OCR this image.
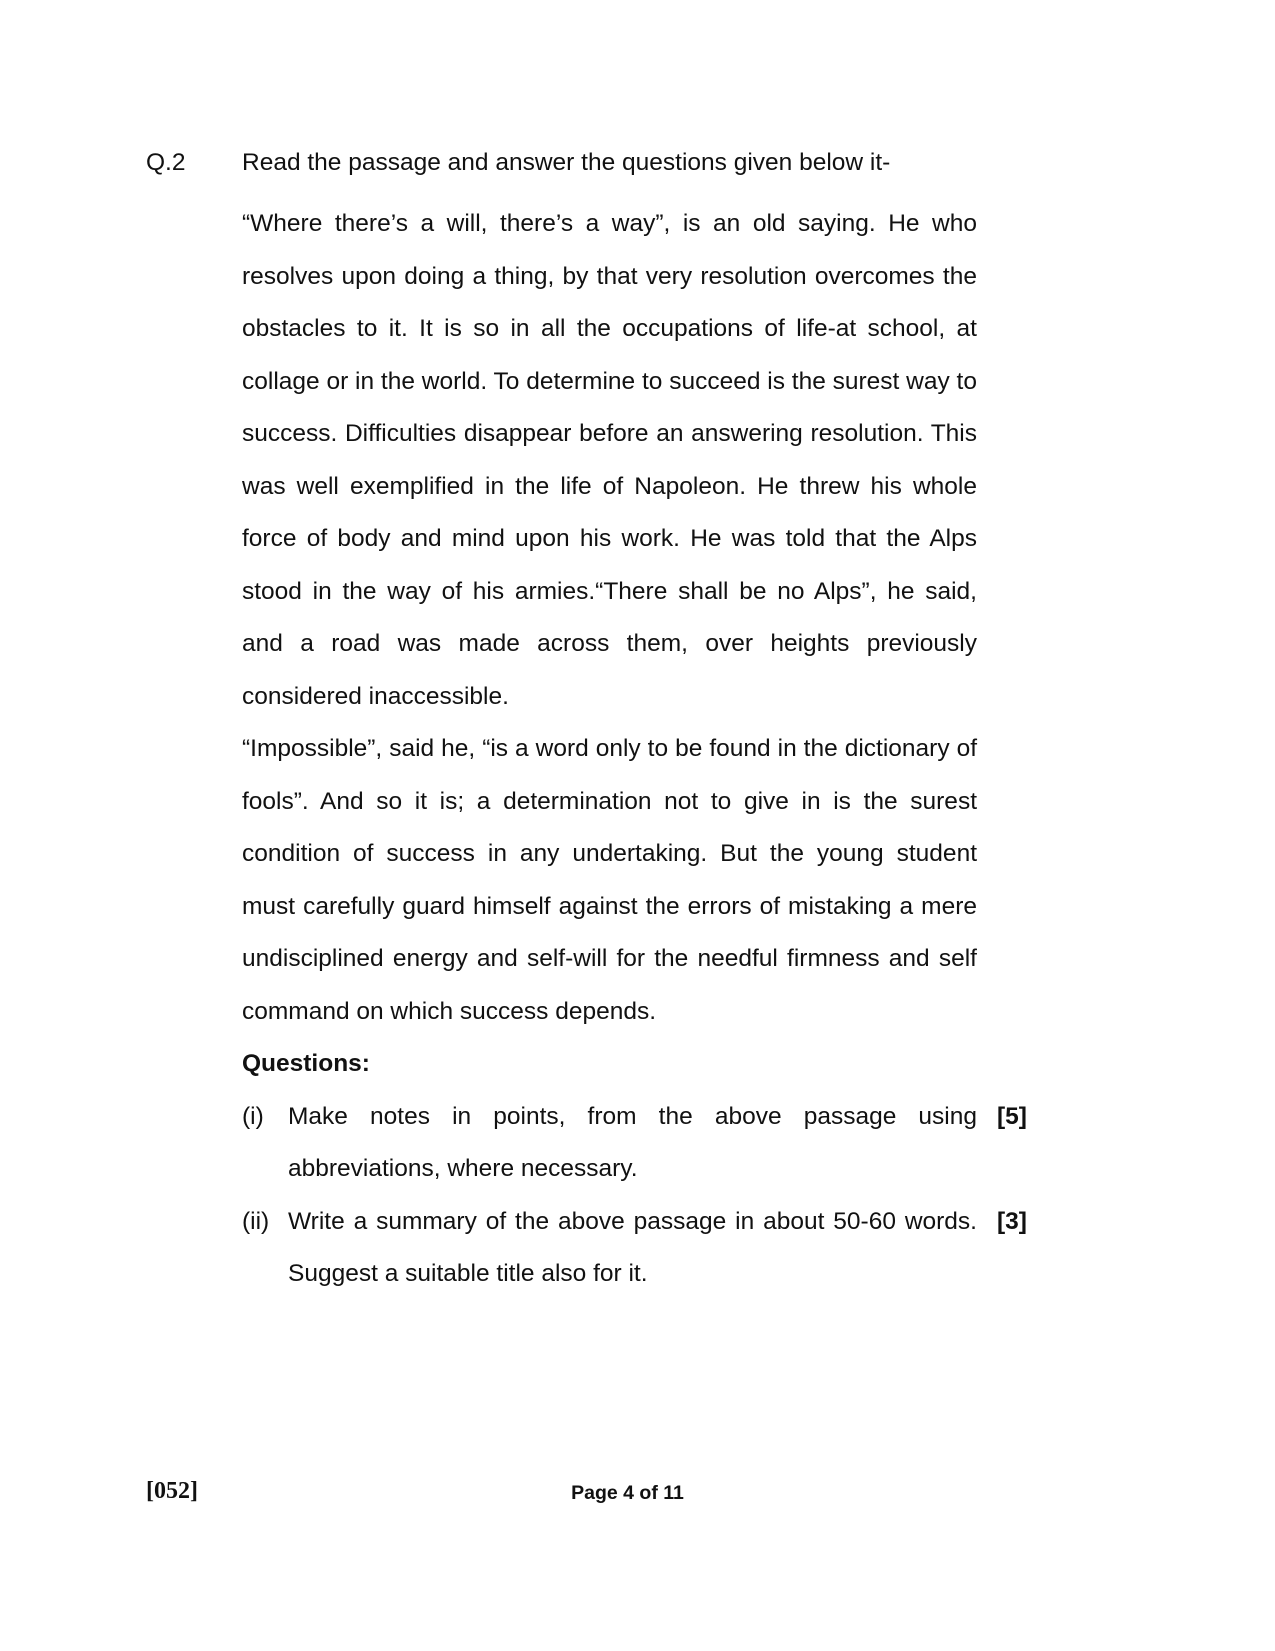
Q.2 Read the passage and answer the questions given below it-

“Where there’s a will, there’s a way”, is an old saying. He who resolves upon doing a thing, by that very resolution overcomes the obstacles to it. It is so in all the occupations of life-at school, at collage or in the world. To determine to succeed is the surest way to success. Difficulties disappear before an answering resolution. This was well exemplified in the life of Napoleon. He threw his whole force of body and mind upon his work. He was told that the Alps stood in the way of his armies.“There shall be no Alps”, he said, and a road was made across them, over heights previously considered inaccessible.

“Impossible”, said he, “is a word only to be found in the dictionary of fools”. And so it is; a determination not to give in is the surest condition of success in any undertaking. But the young student must carefully guard himself against the errors of mistaking a mere undisciplined energy and self-will for the needful firmness and self command on which success depends.

Questions:

(i) Make notes in points, from the above passage using abbreviations, where necessary.
[5]
(ii) Write a summary of the above passage in about 50-60 words. Suggest a suitable title also for it.
[3]
[052]	Page 4 of 11
